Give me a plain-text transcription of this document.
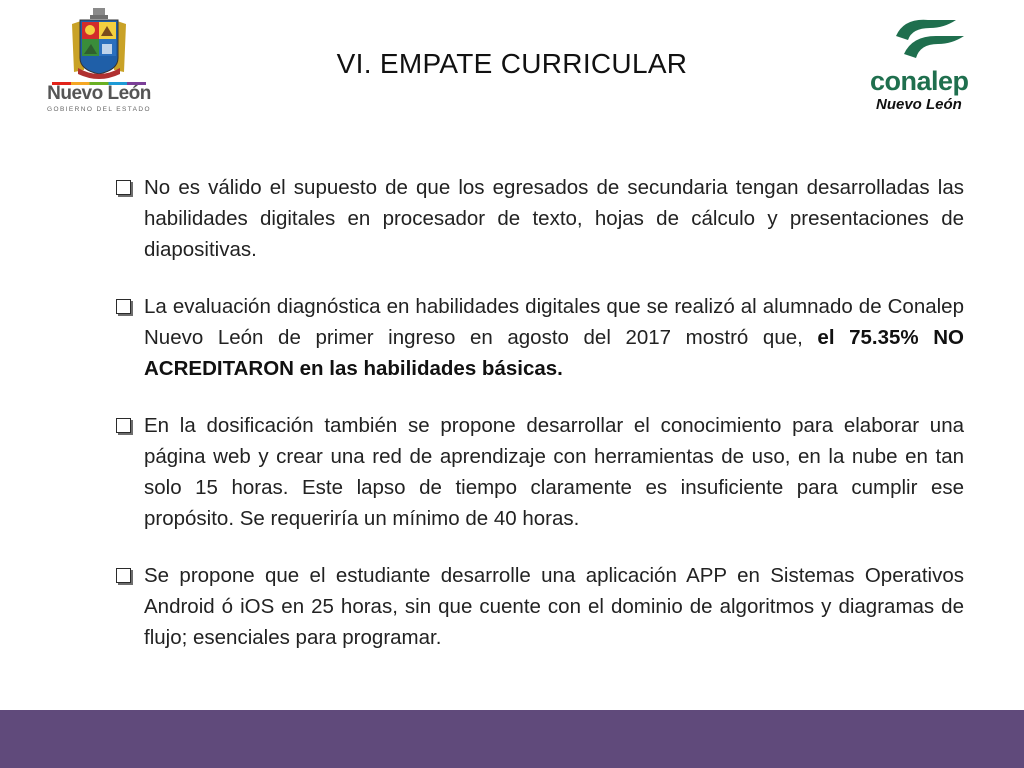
Nuevo León
GOBIERNO DEL ESTADO
VI. EMPATE CURRICULAR
conalep
Nuevo León

No es válido el supuesto de que los egresados de secundaria tengan desarrolladas las habilidades digitales en procesador de texto, hojas de cálculo y presentaciones de diapositivas.

La evaluación diagnóstica en habilidades digitales que se realizó al alumnado de Conalep Nuevo León de primer ingreso en agosto del 2017 mostró que, el 75.35% NO ACREDITARON en las habilidades básicas.

En la dosificación también se propone desarrollar el conocimiento para elaborar una página web y crear una red de aprendizaje con herramientas de uso, en la nube en tan solo 15 horas. Este lapso de tiempo claramente es insuficiente para cumplir ese propósito. Se requeriría un mínimo de 40 horas.

Se propone que el estudiante desarrolle una aplicación APP en Sistemas Operativos Android ó iOS en 25 horas, sin que cuente con el dominio de algoritmos y diagramas de flujo; esenciales para programar.
